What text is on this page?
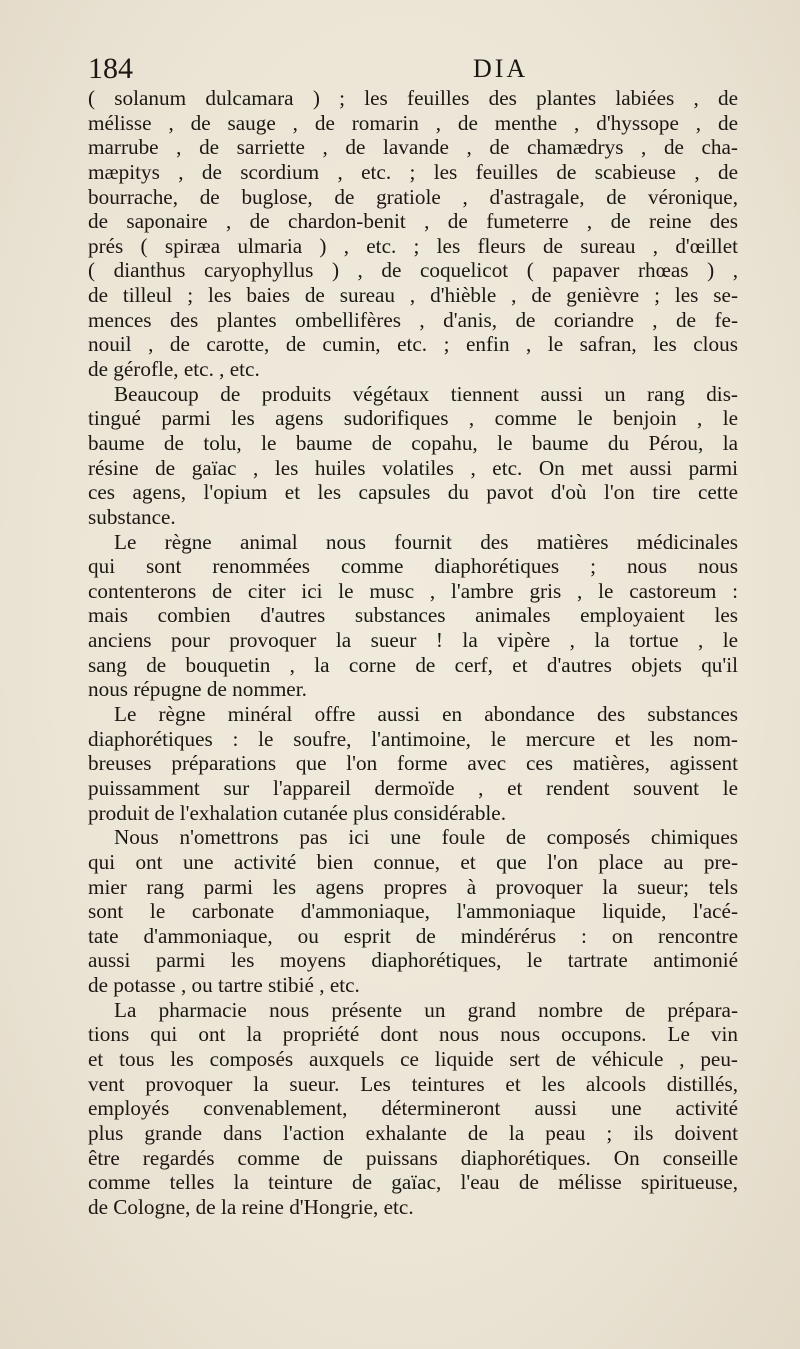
184	DIA
( solanum dulcamara ) ; les feuilles des plantes labiées , de
mélisse , de sauge , de romarin , de menthe , d'hyssope , de
marrube , de sarriette , de lavande , de chamædrys , de cha-
mæpitys , de scordium , etc. ; les feuilles de scabieuse , de
bourrache, de buglose, de gratiole , d'astragale, de véronique,
de saponaire , de chardon-benit , de fumeterre , de reine des
prés ( spiræa ulmaria ) , etc. ; les fleurs de sureau , d'œillet
( dianthus caryophyllus ) , de coquelicot ( papaver rhœas ) ,
de tilleul ; les baies de sureau , d'hièble , de genièvre ; les se-
mences des plantes ombellifères , d'anis, de coriandre , de fe-
nouil , de carotte, de cumin, etc. ; enfin , le safran, les clous
de gérofle, etc. , etc.
Beaucoup de produits végétaux tiennent aussi un rang dis-
tingué parmi les agens sudorifiques , comme le benjoin , le
baume de tolu, le baume de copahu, le baume du Pérou, la
résine de gaïac , les huiles volatiles , etc. On met aussi parmi
ces agens, l'opium et les capsules du pavot d'où l'on tire cette
substance.
Le règne animal nous fournit des matières médicinales
qui sont renommées comme diaphorétiques ; nous nous
contenterons de citer ici le musc , l'ambre gris , le castoreum :
mais combien d'autres substances animales employaient les
anciens pour provoquer la sueur ! la vipère , la tortue , le
sang de bouquetin , la corne de cerf, et d'autres objets qu'il
nous répugne de nommer.
Le règne minéral offre aussi en abondance des substances
diaphorétiques : le soufre, l'antimoine, le mercure et les nom-
breuses préparations que l'on forme avec ces matières, agissent
puissamment sur l'appareil dermoïde , et rendent souvent le
produit de l'exhalation cutanée plus considérable.
Nous n'omettrons pas ici une foule de composés chimiques
qui ont une activité bien connue, et que l'on place au pre-
mier rang parmi les agens propres à provoquer la sueur; tels
sont le carbonate d'ammoniaque, l'ammoniaque liquide, l'acé-
tate d'ammoniaque, ou esprit de mindérérus : on rencontre
aussi parmi les moyens diaphorétiques, le tartrate antimonié
de potasse , ou tartre stibié , etc.
La pharmacie nous présente un grand nombre de prépara-
tions qui ont la propriété dont nous nous occupons. Le vin
et tous les composés auxquels ce liquide sert de véhicule , peu-
vent provoquer la sueur. Les teintures et les alcools distillés,
employés convenablement, détermineront aussi une activité
plus grande dans l'action exhalante de la peau ; ils doivent
être regardés comme de puissans diaphorétiques. On conseille
comme telles la teinture de gaïac, l'eau de mélisse spiritueuse,
de Cologne, de la reine d'Hongrie, etc.
